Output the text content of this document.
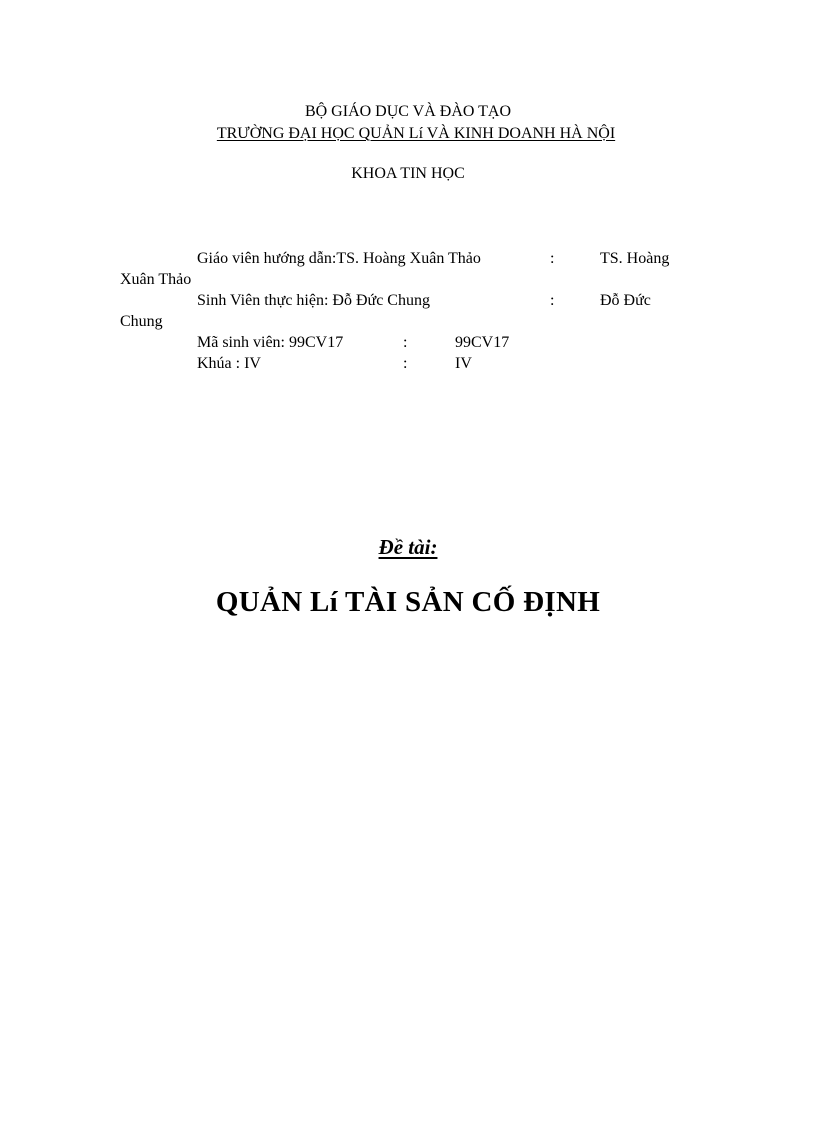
BỘ GIÁO DỤC VÀ ĐÀO TẠO
TRƯỜNG ĐẠI HỌC QUẢN Lí VÀ KINH DOANH HÀ NỘI
KHOA TIN HỌC
Giáo viên hướng dẫn:TS. Hoàng Xuân Thảo	:	TS. Hoàng
Xuân Thảo
Sinh Viên thực hiện: Đỗ Đức Chung	:	Đỗ Đức
Chung
Mã sinh viên: 99CV17	:	99CV17
Khúa : IV	:	IV
Đề tài:
QUẢN Lí TÀI SẢN CỐ ĐỊNH
